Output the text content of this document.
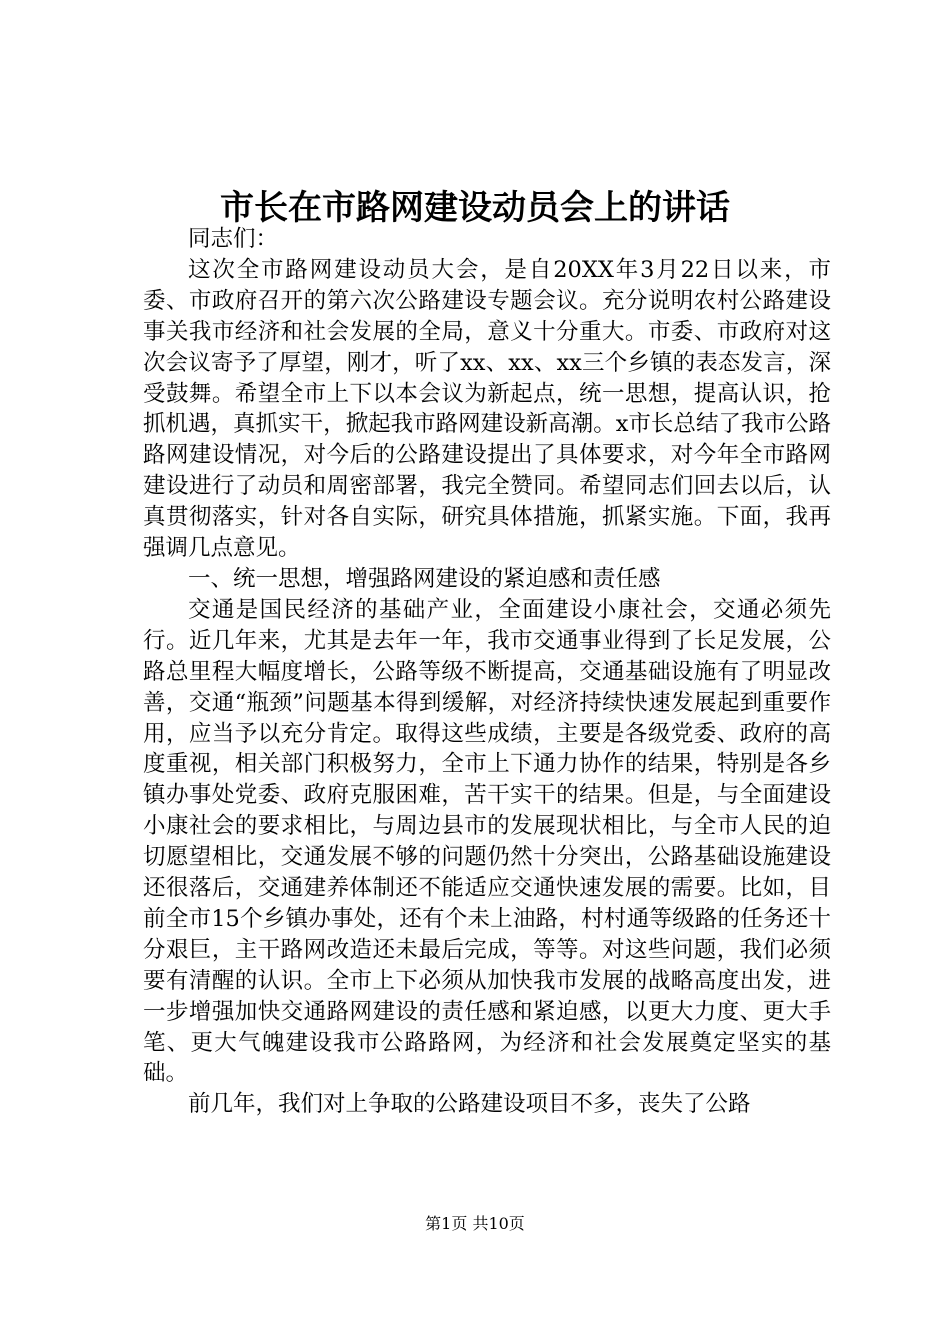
市长在市路网建设动员会上的讲话

同志们：

这次全市路网建设动员大会，是自20XX年3月22日以来，市委、市政府召开的第六次公路建设专题会议。充分说明农村公路建设事关我市经济和社会发展的全局，意义十分重大。市委、市政府对这次会议寄予了厚望，刚才，听了xx、xx、xx三个乡镇的表态发言，深受鼓舞。希望全市上下以本会议为新起点，统一思想，提高认识，抢抓机遇，真抓实干，掀起我市路网建设新高潮。x市长总结了我市公路路网建设情况，对今后的公路建设提出了具体要求，对今年全市路网建设进行了动员和周密部署，我完全赞同。希望同志们回去以后，认真贯彻落实，针对各自实际，研究具体措施，抓紧实施。下面，我再强调几点意见。

一、统一思想，增强路网建设的紧迫感和责任感

交通是国民经济的基础产业，全面建设小康社会，交通必须先行。近几年来，尤其是去年一年，我市交通事业得到了长足发展，公路总里程大幅度增长，公路等级不断提高，交通基础设施有了明显改善，交通“瓶颈”问题基本得到缓解，对经济持续快速发展起到重要作用，应当予以充分肯定。取得这些成绩，主要是各级党委、政府的高度重视，相关部门积极努力，全市上下通力协作的结果，特别是各乡镇办事处党委、政府克服困难，苦干实干的结果。但是，与全面建设小康社会的要求相比，与周边县市的发展现状相比，与全市人民的迫切愿望相比，交通发展不够的问题仍然十分突出，公路基础设施建设还很落后，交通建养体制还不能适应交通快速发展的需要。比如，目前全市15个乡镇办事处，还有个未上油路，村村通等级路的任务还十分艰巨，主干路网改造还未最后完成，等等。对这些问题，我们必须要有清醒的认识。全市上下必须从加快我市发展的战略高度出发，进一步增强加快交通路网建设的责任感和紧迫感，以更大力度、更大手笔、更大气魄建设我市公路路网，为经济和社会发展奠定坚实的基础。

前几年，我们对上争取的公路建设项目不多，丧失了公路

第1页 共10页
